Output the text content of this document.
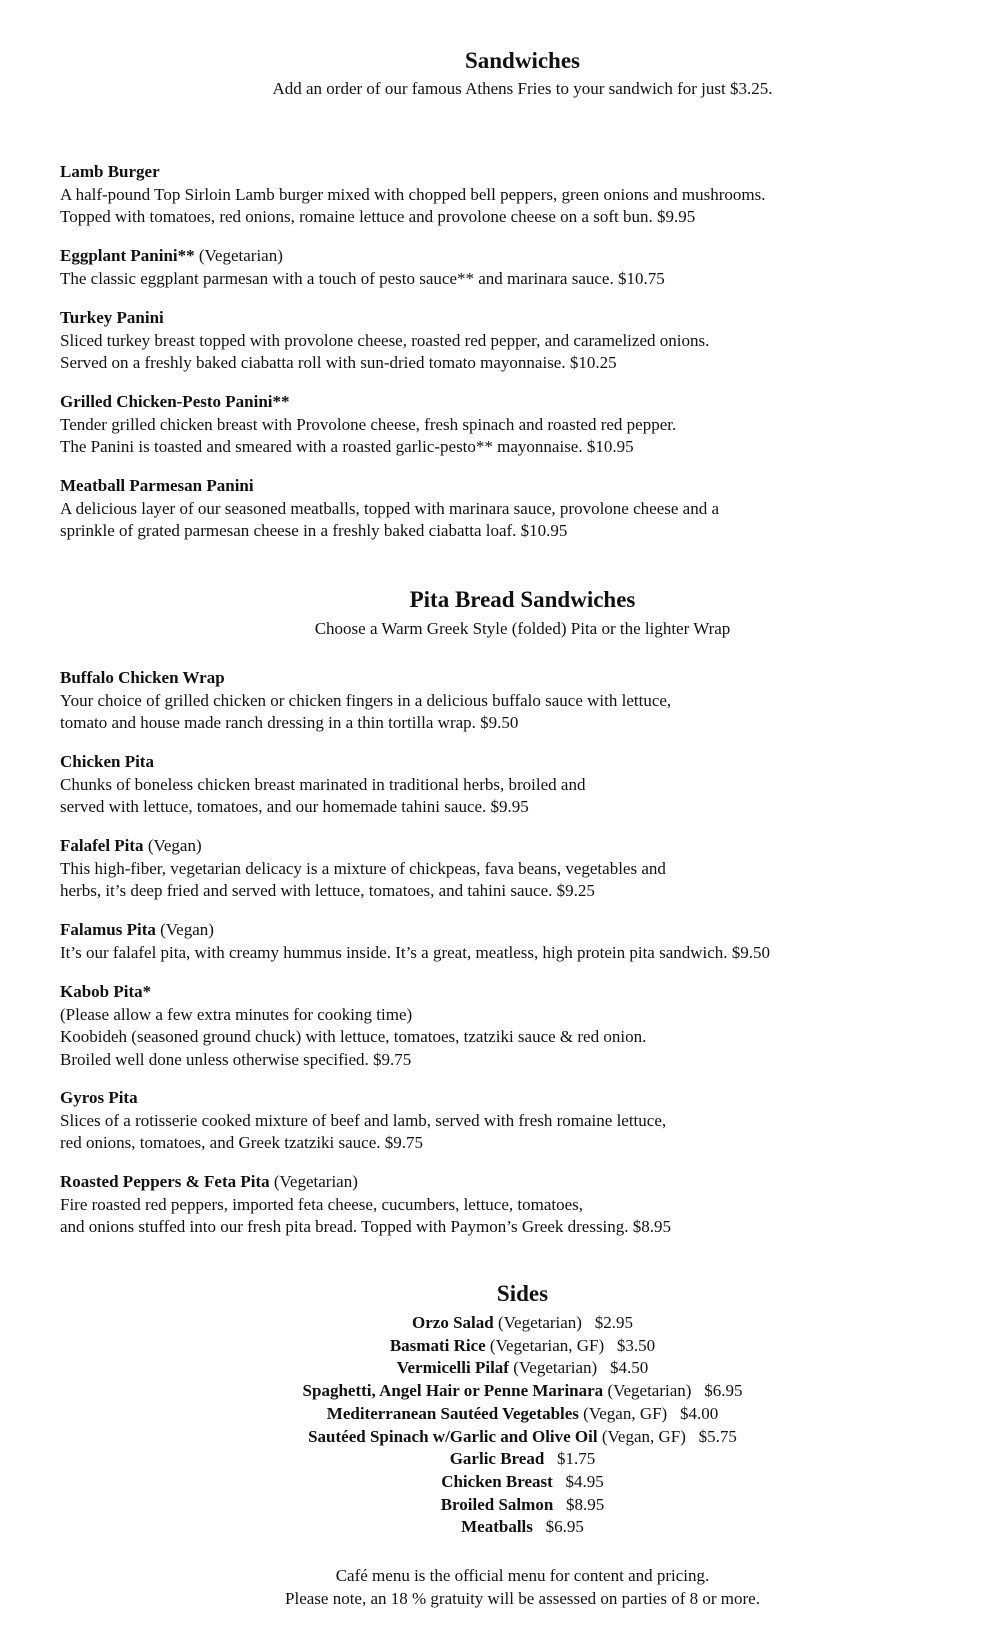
Sandwiches
Add an order of our famous Athens Fries to your sandwich for just $3.25.
Lamb Burger
A half-pound Top Sirloin Lamb burger mixed with chopped bell peppers, green onions and mushrooms.
Topped with tomatoes, red onions, romaine lettuce and provolone cheese on a soft bun. $9.95
Eggplant Panini** (Vegetarian)
The classic eggplant parmesan with a touch of pesto sauce** and marinara sauce. $10.75
Turkey Panini
Sliced turkey breast topped with provolone cheese, roasted red pepper, and caramelized onions.
Served on a freshly baked ciabatta roll with sun-dried tomato mayonnaise. $10.25
Grilled Chicken-Pesto Panini**
Tender grilled chicken breast with Provolone cheese, fresh spinach and roasted red pepper.
The Panini is toasted and smeared with a roasted garlic-pesto** mayonnaise. $10.95
Meatball Parmesan Panini
A delicious layer of our seasoned meatballs, topped with marinara sauce, provolone cheese and a
sprinkle of grated parmesan cheese in a freshly baked ciabatta loaf. $10.95
Pita Bread Sandwiches
Choose a Warm Greek Style (folded) Pita or the lighter Wrap
Buffalo Chicken Wrap
Your choice of grilled chicken or chicken fingers in a delicious buffalo sauce with lettuce,
tomato and house made ranch dressing in a thin tortilla wrap. $9.50
Chicken Pita
Chunks of boneless chicken breast marinated in traditional herbs, broiled and
served with lettuce, tomatoes, and our homemade tahini sauce. $9.95
Falafel Pita (Vegan)
This high-fiber, vegetarian delicacy is a mixture of chickpeas, fava beans, vegetables and
herbs, it’s deep fried and served with lettuce, tomatoes, and tahini sauce. $9.25
Falamus Pita (Vegan)
It’s our falafel pita, with creamy hummus inside. It’s a great, meatless, high protein pita sandwich. $9.50
Kabob Pita*
(Please allow a few extra minutes for cooking time)
Koobideh (seasoned ground chuck) with lettuce, tomatoes, tzatziki sauce & red onion.
Broiled well done unless otherwise specified. $9.75
Gyros Pita
Slices of a rotisserie cooked mixture of beef and lamb, served with fresh romaine lettuce,
red onions, tomatoes, and Greek tzatziki sauce. $9.75
Roasted Peppers & Feta Pita (Vegetarian)
Fire roasted red peppers, imported feta cheese, cucumbers, lettuce, tomatoes,
and onions stuffed into our fresh pita bread. Topped with Paymon’s Greek dressing. $8.95
Sides
Orzo Salad (Vegetarian) $2.95
Basmati Rice (Vegetarian, GF) $3.50
Vermicelli Pilaf (Vegetarian) $4.50
Spaghetti, Angel Hair or Penne Marinara (Vegetarian) $6.95
Mediterranean Sautéed Vegetables (Vegan, GF) $4.00
Sautéed Spinach w/Garlic and Olive Oil (Vegan, GF) $5.75
Garlic Bread $1.75
Chicken Breast $4.95
Broiled Salmon $8.95
Meatballs $6.95
Café menu is the official menu for content and pricing.
Please note, an 18 % gratuity will be assessed on parties of 8 or more.
